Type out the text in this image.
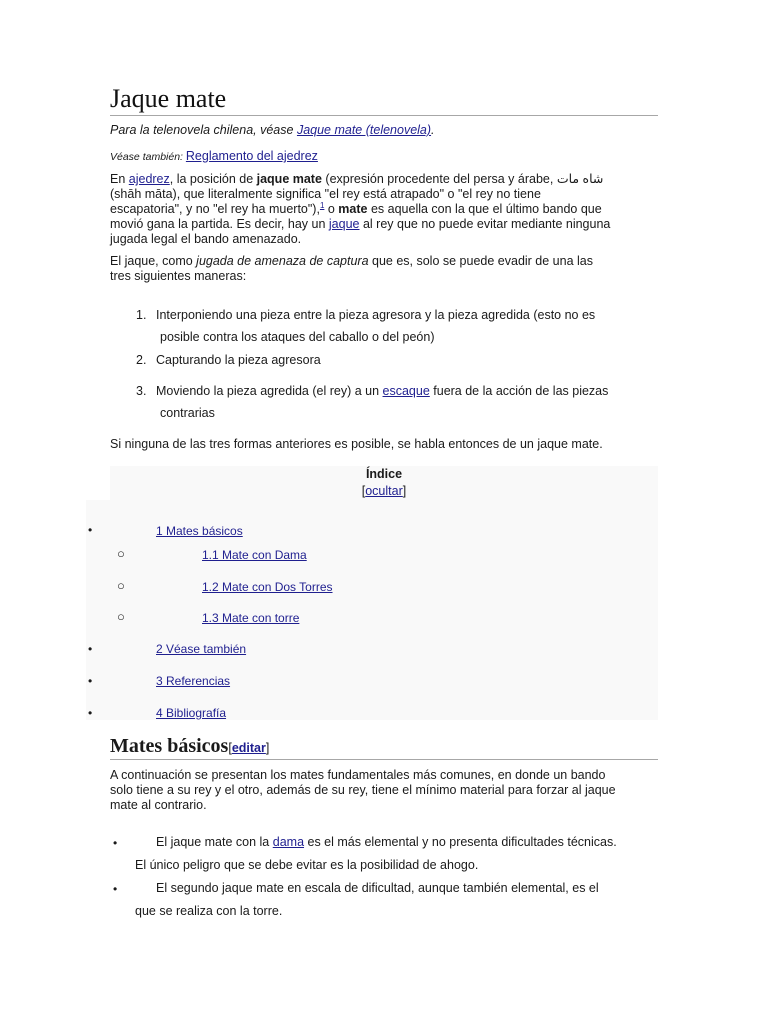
Jaque mate
Para la telenovela chilena, véase Jaque mate (telenovela).
Véase también: Reglamento del ajedrez
En ajedrez, la posición de jaque mate (expresión procedente del persa y árabe, شاه مات
(shāh māta), que literalmente significa "el rey está atrapado" o "el rey no tiene
escapatoria", y no "el rey ha muerto"),$^1$ o mate es aquella con la que el último bando que
movió gana la partida. Es decir, hay un jaque al rey que no puede evitar mediante ninguna
jugada legal el bando amenazado.
El jaque, como jugada de amenaza de captura que es, solo se puede evadir de una las
tres siguientes maneras:
1. Interponiendo una pieza entre la pieza agresora y la pieza agredida (esto no es
posible contra los ataques del caballo o del peón)
2. Capturando la pieza agresora
3. Moviendo la pieza agredida (el rey) a un escaque fuera de la acción de las piezas
contrarias
Si ninguna de las tres formas anteriores es posible, se habla entonces de un jaque mate.
Índice
[ocultar]
•	1 Mates básicos
○	1.1 Mate con Dama
○	1.2 Mate con Dos Torres
○	1.3 Mate con torre
•	2 Véase también
•	3 Referencias
•	4 Bibliografía
Mates básicos[editar]
A continuación se presentan los mates fundamentales más comunes, en donde un bando
solo tiene a su rey y el otro, además de su rey, tiene el mínimo material para forzar al jaque
mate al contrario.
•	El jaque mate con la dama es el más elemental y no presenta dificultades técnicas.
El único peligro que se debe evitar es la posibilidad de ahogo.
•	El segundo jaque mate en escala de dificultad, aunque también elemental, es el
que se realiza con la torre.
